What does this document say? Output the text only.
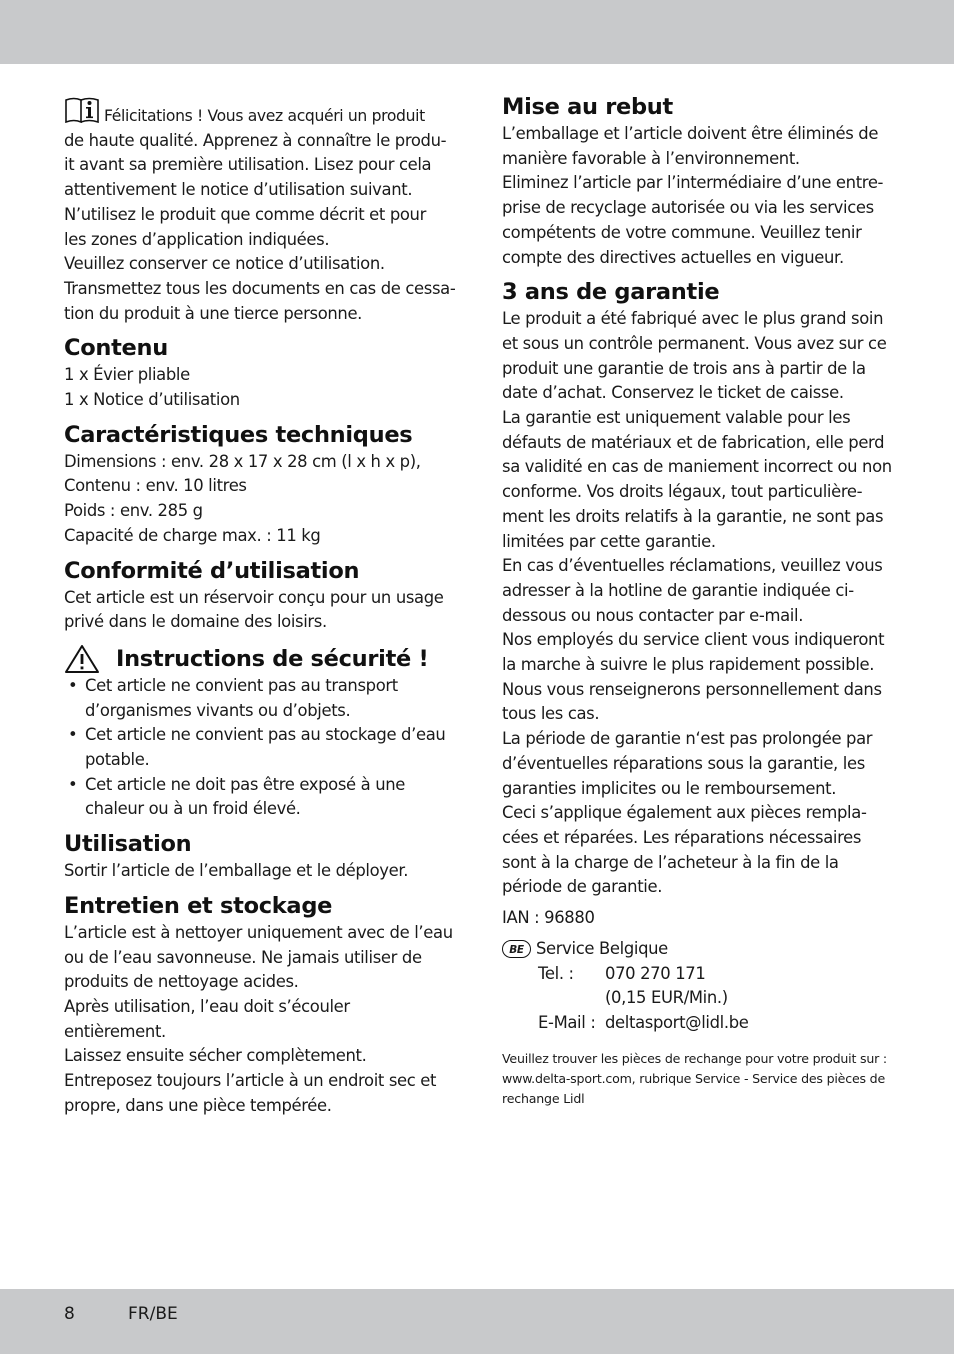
Félicitations ! Vous avez acquéri un produit

de haute qualité. Apprenez à connaître le produ-

it avant sa première utilisation. Lisez pour cela

attentivement le notice d’utilisation suivant.

N’utilisez le produit que comme décrit et pour

les zones d’application indiquées.

Veuillez conserver ce notice d’utilisation.

Transmettez tous les documents en cas de cessa-

tion du produit à une tierce personne.

Contenu

1 x Évier pliable

1 x Notice d’utilisation

Caractéristiques techniques

Dimensions : env. 28 x 17 x 28 cm (l x h x p),

Contenu : env. 10 litres

Poids : env. 285 g

Capacité de charge max. : 11 kg

Conformité d’utilisation

Cet article est un réservoir conçu pour un usage

privé dans le domaine des loisirs.

Instructions de sécurité !
• Cet article ne convient pas au transport
d’organismes vivants ou d’objets.
• Cet article ne convient pas au stockage d’eau
potable.
• Cet article ne doit pas être exposé à une
chaleur ou à un froid élevé.
Utilisation

Sortir l’article de l’emballage et le déployer.

Entretien et stockage

L’article est à nettoyer uniquement avec de l’eau

ou de l’eau savonneuse. Ne jamais utiliser de

produits de nettoyage acides.

Après utilisation, l’eau doit s’écouler entièrement.

Laissez ensuite sécher complètement.

Entreposez toujours l’article à un endroit sec et

propre, dans une pièce tempérée.

Mise au rebut

L’emballage et l’article doivent être éliminés de

manière favorable à l’environnement.

Eliminez l’article par l’intermédiaire d’une entre-

prise de recyclage autorisée ou via les services

compétents de votre commune. Veuillez tenir

compte des directives actuelles en vigueur.

3 ans de garantie

Le produit a été fabriqué avec le plus grand soin

et sous un contrôle permanent. Vous avez sur ce

produit une garantie de trois ans à partir de la

date d’achat. Conservez le ticket de caisse.

La garantie est uniquement valable pour les

défauts de matériaux et de fabrication, elle perd

sa validité en cas de maniement incorrect ou non

conforme. Vos droits légaux, tout particulière-

ment les droits relatifs à la garantie, ne sont pas

limitées par cette garantie.

En cas d’éventuelles réclamations, veuillez vous

adresser à la hotline de garantie indiquée ci-

dessous ou nous contacter par e-mail.

Nos employés du service client vous indiqueront

la marche à suivre le plus rapidement possible.

Nous vous renseignerons personnellement dans

tous les cas.

La période de garantie n‘est pas prolongée par

d’éventuelles réparations sous la garantie, les

garanties implicites ou le remboursement.

Ceci s’applique également aux pièces rempla-

cées et réparées. Les réparations nécessaires

sont à la charge de l’acheteur à la fin de la

période de garantie.

IAN : 96880

BE Service Belgique
Tel. :	070 270 171
(0,15 EUR/Min.)
E-Mail : deltasport@lidl.be
Veuillez trouver les pièces de rechange pour votre produit sur :
www.delta-sport.com, rubrique Service - Service des pièces de
rechange Lidl
8	FR/BE
